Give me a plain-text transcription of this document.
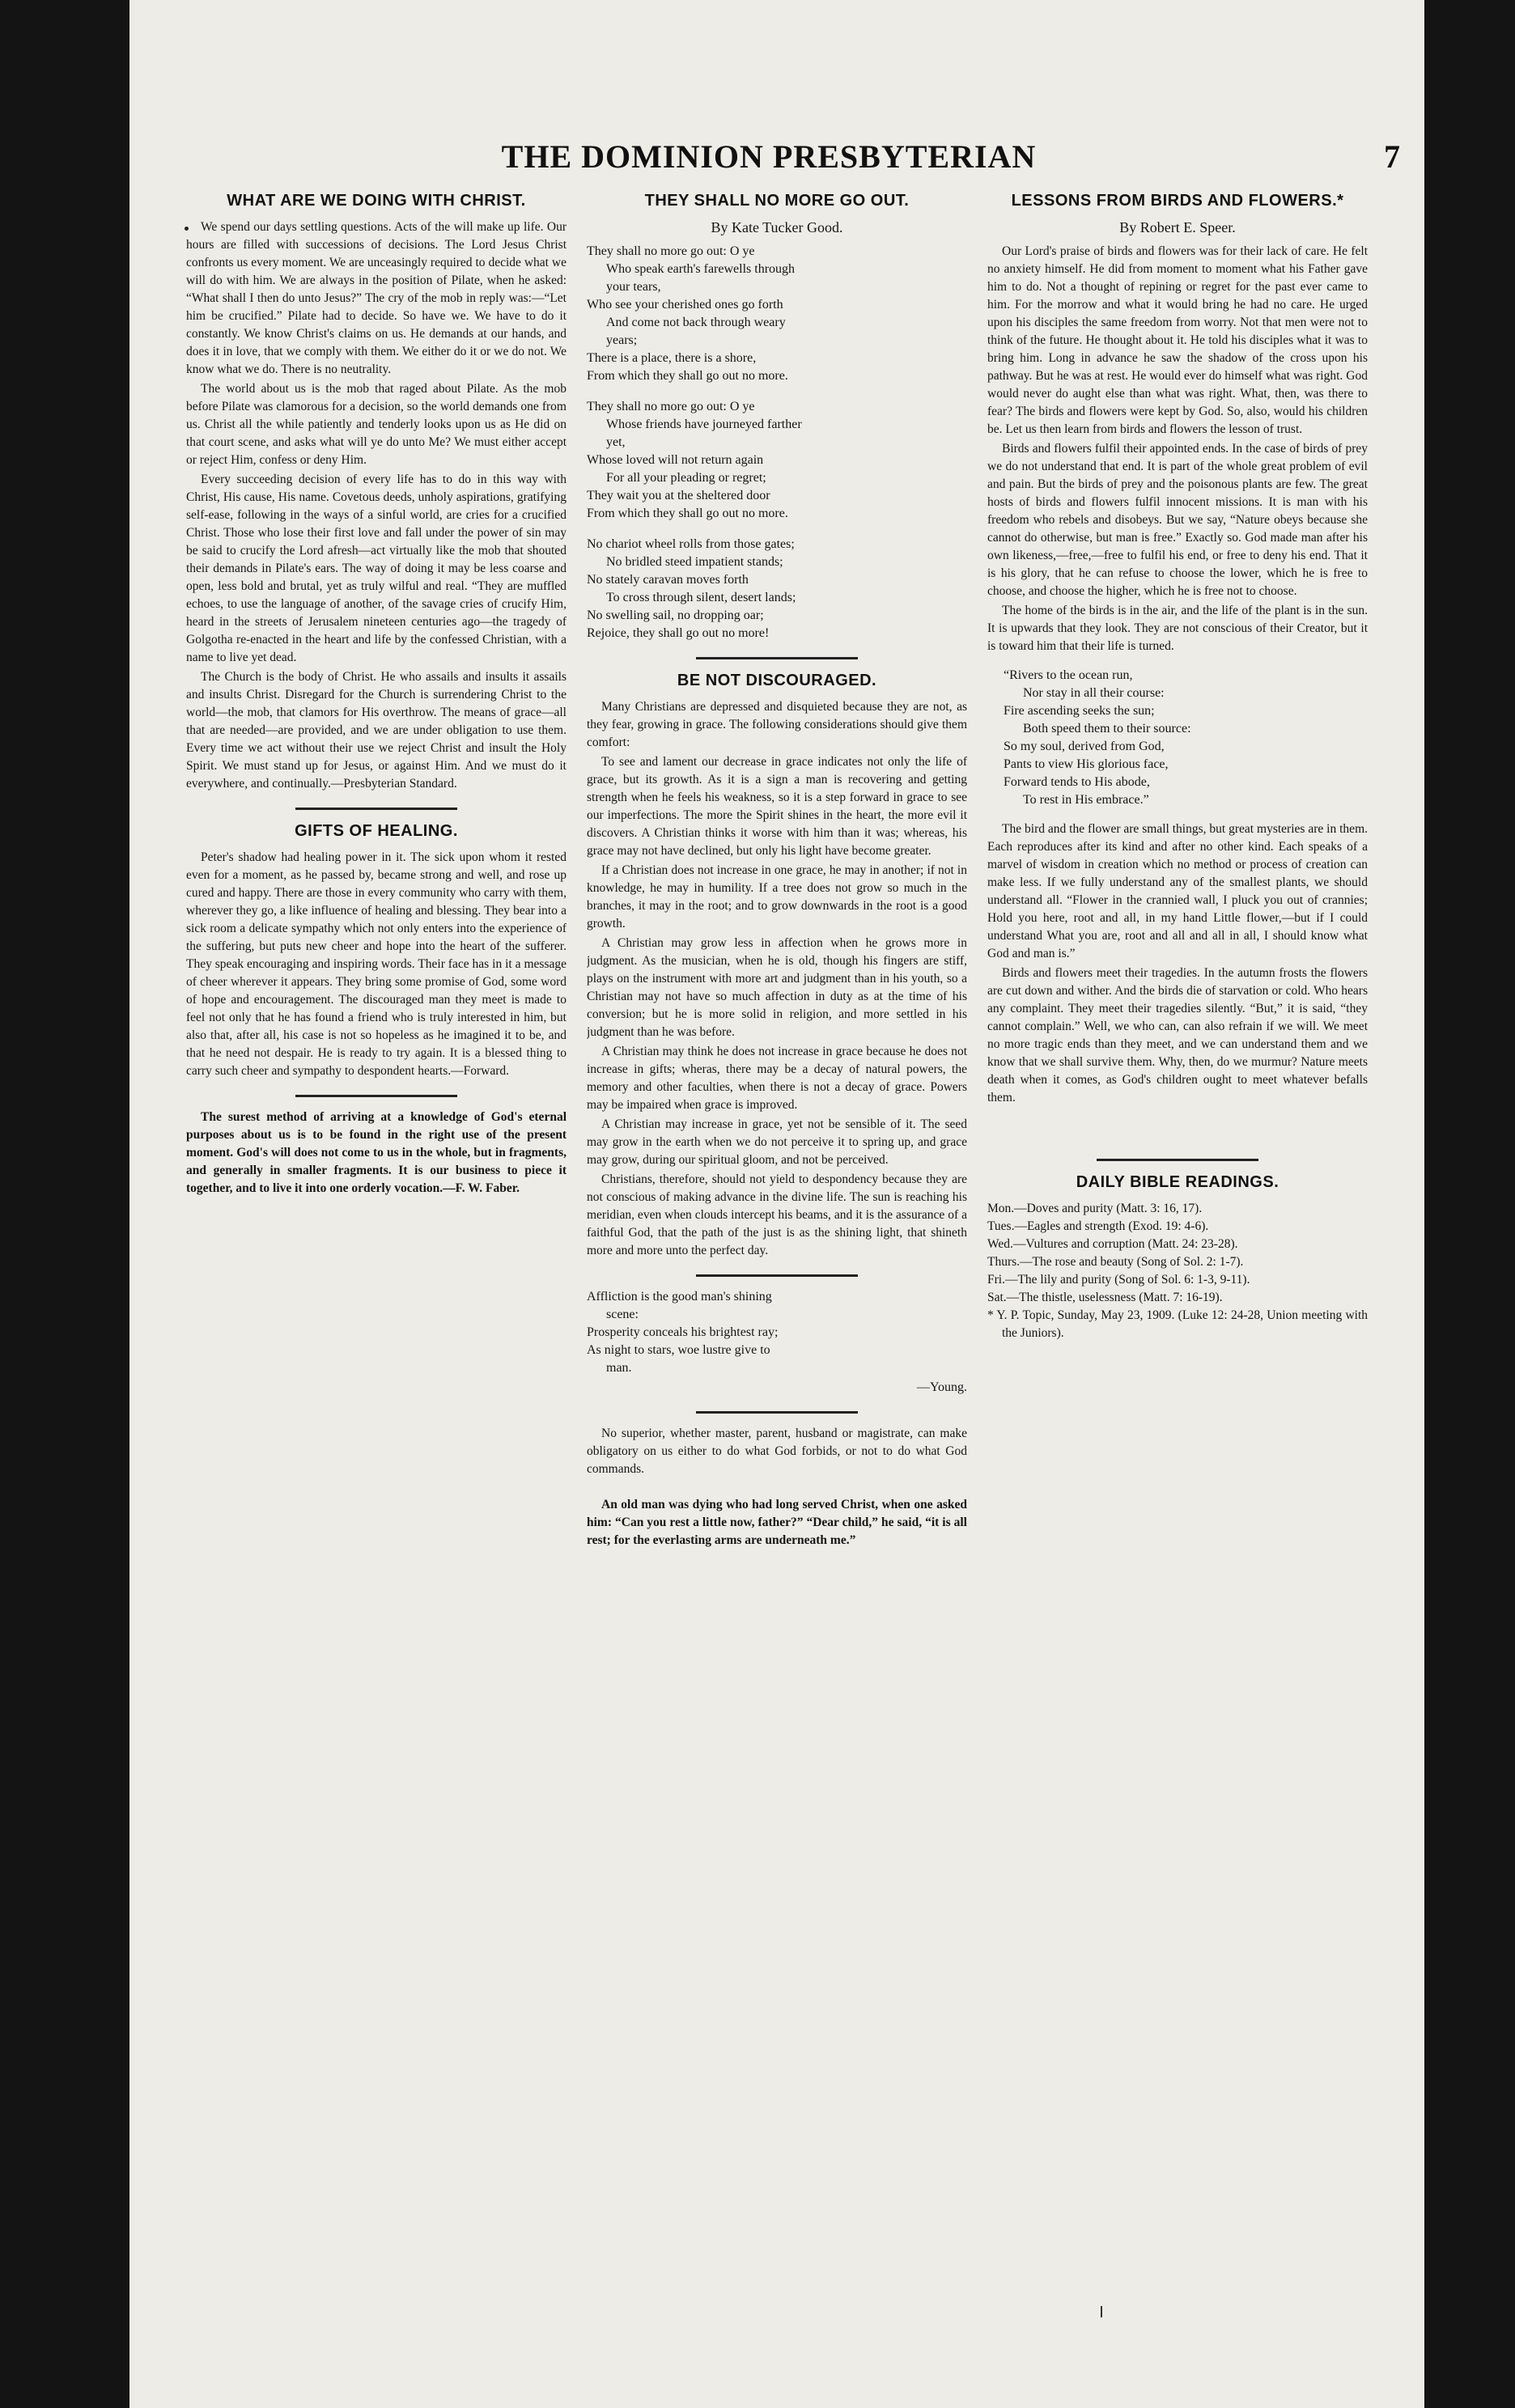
THE DOMINION PRESBYTERIAN	7
WHAT ARE WE DOING WITH CHRIST.

We spend our days settling questions. Acts of the will make up life. Our hours are filled with successions of decisions. The Lord Jesus Christ confronts us every moment. We are unceasingly required to decide what we will do with him. We are always in the position of Pilate, when he asked: “What shall I then do unto Jesus?” The cry of the mob in reply was:—“Let him be crucified.” Pilate had to decide. So have we. We have to do it constantly. We know Christ's claims on us. He demands at our hands, and does it in love, that we comply with them. We either do it or we do not. We know what we do. There is no neutrality.

The world about us is the mob that raged about Pilate. As the mob before Pilate was clamorous for a decision, so the world demands one from us. Christ all the while patiently and tenderly looks upon us as He did on that court scene, and asks what will ye do unto Me? We must either accept or reject Him, confess or deny Him.

Every succeeding decision of every life has to do in this way with Christ, His cause, His name. Covetous deeds, unholy aspirations, gratifying self-ease, following in the ways of a sinful world, are cries for a crucified Christ. Those who lose their first love and fall under the power of sin may be said to crucify the Lord afresh—act virtually like the mob that shouted their demands in Pilate's ears. The way of doing it may be less coarse and open, less bold and brutal, yet as truly wilful and real. “They are muffled echoes, to use the language of another, of the savage cries of crucify Him, heard in the streets of Jerusalem nineteen centuries ago—the tragedy of Golgotha re-enacted in the heart and life by the confessed Christian, with a name to live yet dead.

The Church is the body of Christ. He who assails and insults it assails and insults Christ. Disregard for the Church is surrendering Christ to the world—the mob, that clamors for His overthrow. The means of grace—all that are needed—are provided, and we are under obligation to use them. Every time we act without their use we reject Christ and insult the Holy Spirit. We must stand up for Jesus, or against Him. And we must do it everywhere, and continually.—Presbyterian Standard.

GIFTS OF HEALING.

Peter's shadow had healing power in it. The sick upon whom it rested even for a moment, as he passed by, became strong and well, and rose up cured and happy. There are those in every community who carry with them, wherever they go, a like influence of healing and blessing. They bear into a sick room a delicate sympathy which not only enters into the experience of the suffering, but puts new cheer and hope into the heart of the sufferer. They speak encouraging and inspiring words. Their face has in it a message of cheer wherever it appears. They bring some promise of God, some word of hope and encouragement. The discouraged man they meet is made to feel not only that he has found a friend who is truly interested in him, but also that, after all, his case is not so hopeless as he imagined it to be, and that he need not despair. He is ready to try again. It is a blessed thing to carry such cheer and sympathy to despondent hearts.—Forward.

The surest method of arriving at a knowledge of God's eternal purposes about us is to be found in the right use of the present moment. God's will does not come to us in the whole, but in fragments, and generally in smaller fragments. It is our business to piece it together, and to live it into one orderly vocation.—F. W. Faber.

THEY SHALL NO MORE GO OUT.
By Kate Tucker Good.
They shall no more go out: O ye
Who speak earth's farewells through
your tears,
Who see your cherished ones go forth
And come not back through weary
years;
There is a place, there is a shore,
From which they shall go out no more.
They shall no more go out: O ye
Whose friends have journeyed farther
yet,
Whose loved will not return again
For all your pleading or regret;
They wait you at the sheltered door
From which they shall go out no more.
No chariot wheel rolls from those gates;
No bridled steed impatient stands;
No stately caravan moves forth
To cross through silent, desert lands;
No swelling sail, no dropping oar;
Rejoice, they shall go out no more!
BE NOT DISCOURAGED.

Many Christians are depressed and disquieted because they are not, as they fear, growing in grace. The following considerations should give them comfort:

To see and lament our decrease in grace indicates not only the life of grace, but its growth. As it is a sign a man is recovering and getting strength when he feels his weakness, so it is a step forward in grace to see our imperfections. The more the Spirit shines in the heart, the more evil it discovers. A Christian thinks it worse with him than it was; whereas, his grace may not have declined, but only his light have become greater.

If a Christian does not increase in one grace, he may in another; if not in knowledge, he may in humility. If a tree does not grow so much in the branches, it may in the root; and to grow downwards in the root is a good growth.

A Christian may grow less in affection when he grows more in judgment. As the musician, when he is old, though his fingers are stiff, plays on the instrument with more art and judgment than in his youth, so a Christian may not have so much affection in duty as at the time of his conversion; but he is more solid in religion, and more settled in his judgment than he was before.

A Christian may think he does not increase in grace because he does not increase in gifts; wheras, there may be a decay of natural powers, the memory and other faculties, when there is not a decay of grace. Powers may be impaired when grace is improved.

A Christian may increase in grace, yet not be sensible of it. The seed may grow in the earth when we do not perceive it to spring up, and grace may grow, during our spiritual gloom, and not be perceived.

Christians, therefore, should not yield to despondency because they are not conscious of making advance in the divine life. The sun is reaching his meridian, even when clouds intercept his beams, and it is the assurance of a faithful God, that the path of the just is as the shining light, that shineth more and more unto the perfect day.

Affliction is the good man's shining
scene:
Prosperity conceals his brightest ray;
As night to stars, woe lustre give to
man.
—Young.

No superior, whether master, parent, husband or magistrate, can make obligatory on us either to do what God forbids, or not to do what God commands.

An old man was dying who had long served Christ, when one asked him: “Can you rest a little now, father?” “Dear child,” he said, “it is all rest; for the everlasting arms are underneath me.”

LESSONS FROM BIRDS AND FLOWERS.*
By Robert E. Speer.

Our Lord's praise of birds and flowers was for their lack of care. He felt no anxiety himself. He did from moment to moment what his Father gave him to do. Not a thought of repining or regret for the past ever came to him. For the morrow and what it would bring he had no care. He urged upon his disciples the same freedom from worry. Not that men were not to think of the future. He thought about it. He told his disciples what it was to bring him. Long in advance he saw the shadow of the cross upon his pathway. But he was at rest. He would ever do himself what was right. God would never do aught else than what was right. What, then, was there to fear? The birds and flowers were kept by God. So, also, would his children be. Let us then learn from birds and flowers the lesson of trust.

Birds and flowers fulfil their appointed ends. In the case of birds of prey we do not understand that end. It is part of the whole great problem of evil and pain. But the birds of prey and the poisonous plants are few. The great hosts of birds and flowers fulfil innocent missions. It is man with his freedom who rebels and disobeys. But we say, “Nature obeys because she cannot do otherwise, but man is free.” Exactly so. God made man after his own likeness,—free,—free to fulfil his end, or free to deny his end. That it is his glory, that he can refuse to choose the lower, which he is free to choose, and choose the higher, which he is free not to choose.

The home of the birds is in the air, and the life of the plant is in the sun. It is upwards that they look. They are not conscious of their Creator, but it is toward him that their life is turned.

“Rivers to the ocean run,
Nor stay in all their course:
Fire ascending seeks the sun;
Both speed them to their source:
So my soul, derived from God,
Pants to view His glorious face,
Forward tends to His abode,
To rest in His embrace.”

The bird and the flower are small things, but great mysteries are in them. Each reproduces after its kind and after no other kind. Each speaks of a marvel of wisdom in creation which no method or process of creation can make less. If we fully understand any of the smallest plants, we should understand all. “Flower in the crannied wall, I pluck you out of crannies; Hold you here, root and all, in my hand Little flower,—but if I could understand What you are, root and all and all in all, I should know what God and man is.”

Birds and flowers meet their tragedies. In the autumn frosts the flowers are cut down and wither. And the birds die of starvation or cold. Who hears any complaint. They meet their tragedies silently. “But,” it is said, “they cannot complain.” Well, we who can, can also refrain if we will. We meet no more tragic ends than they meet, and we can understand them and we know that we shall survive them. Why, then, do we murmur? Nature meets death when it comes, as God's children ought to meet whatever befalls them.

DAILY BIBLE READINGS.
Mon.—Doves and purity (Matt. 3: 16, 17).
Tues.—Eagles and strength (Exod. 19: 4-6).
Wed.—Vultures and corruption (Matt. 24: 23-28).
Thurs.—The rose and beauty (Song of Sol. 2: 1-7).
Fri.—The lily and purity (Song of Sol. 6: 1-3, 9-11).
Sat.—The thistle, uselessness (Matt. 7: 16-19).
* Y. P. Topic, Sunday, May 23, 1909. (Luke 12: 24-28, Union meeting with the Juniors).
